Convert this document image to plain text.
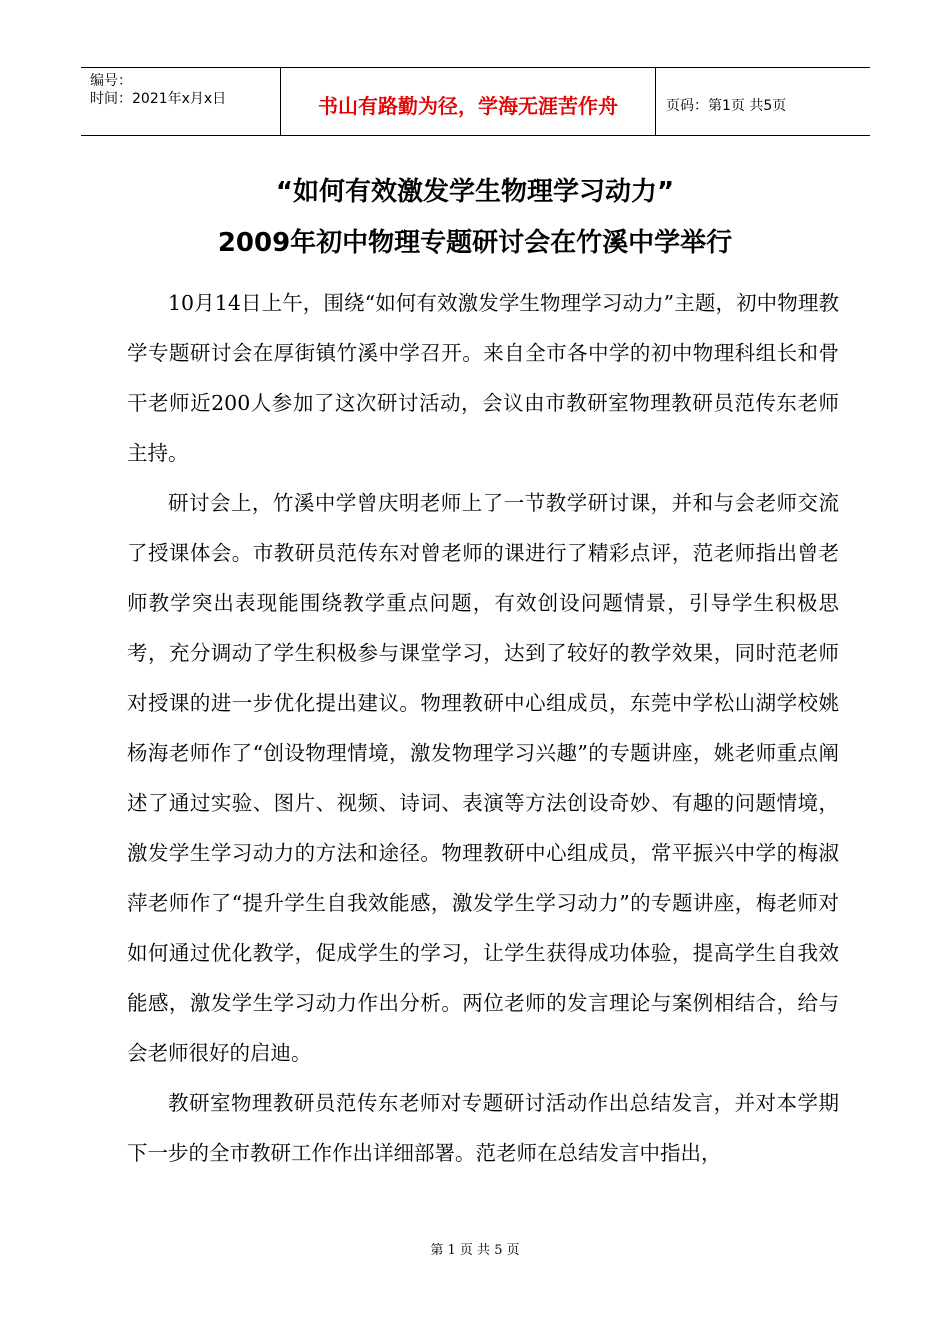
编号：
时间：2021年x月x日	书山有路勤为径，学海无涯苦作舟	页码：第1页 共5页
“如何有效激发学生物理学习动力”
2009年初中物理专题研讨会在竹溪中学举行

10月14日上午，围绕“如何有效激发学生物理学习动力”主题，初中物理教学专题研讨会在厚街镇竹溪中学召开。来自全市各中学的初中物理科组长和骨干老师近200人参加了这次研讨活动，会议由市教研室物理教研员范传东老师主持。

研讨会上，竹溪中学曾庆明老师上了一节教学研讨课，并和与会老师交流了授课体会。市教研员范传东对曾老师的课进行了精彩点评，范老师指出曾老师教学突出表现能围绕教学重点问题，有效创设问题情景，引导学生积极思考，充分调动了学生积极参与课堂学习，达到了较好的教学效果，同时范老师对授课的进一步优化提出建议。物理教研中心组成员，东莞中学松山湖学校姚杨海老师作了“创设物理情境，激发物理学习兴趣”的专题讲座，姚老师重点阐述了通过实验、图片、视频、诗词、表演等方法创设奇妙、有趣的问题情境，激发学生学习动力的方法和途径。物理教研中心组成员，常平振兴中学的梅淑萍老师作了“提升学生自我效能感，激发学生学习动力”的专题讲座，梅老师对如何通过优化教学，促成学生的学习，让学生获得成功体验，提高学生自我效能感，激发学生学习动力作出分析。两位老师的发言理论与案例相结合，给与会老师很好的启迪。

教研室物理教研员范传东老师对专题研讨活动作出总结发言，并对本学期下一步的全市教研工作作出详细部署。范老师在总结发言中指出，

第 1 页 共 5 页
